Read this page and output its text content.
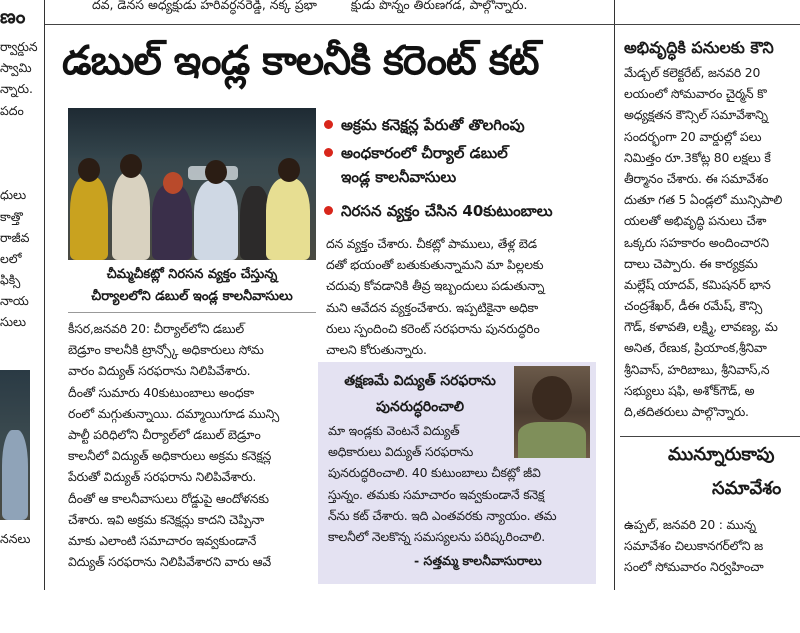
దవ, డెనస అధ్యక్షుడు హరివర్ధనరెడ్డి, నక్క ప్రభా	క్షుడు పొన్నం తిరుణగడ, పాల్గొన్నారు.
ణం
ర్వార్డున
స్వామి
న్నారు.
పదం
ధులు
కాత్తొ
రాజీవ
లలో
ఫిక్సి
నాయ
సులు
ననలు
డబుల్ ఇండ్ల కాలనీకి కరెంట్ కట్
చీమ్మచీకట్లో నిరసన వ్యక్తం చేస్తున్న
చీర్యాలలోని డబుల్ ఇండ్ల కాలనీవాసులు
అక్రమ కనెక్షన్ల పేరుతో తొలగింపు
అంధకారంలో చీర్యాల్ డబుల్
ఇండ్ల కాలనీవాసులు
నిరసన వ్యక్తం చేసిన 40కుటుంబాలు
దన వ్యక్తం చేశారు. చీకట్లో పాములు, తేళ్ల బెడ
దతో భయంతో బతుకుతున్నామని మా పిల్లలకు
చదువు కోవడానికి తీవ్ర ఇబ్బందులు పడుతున్నా
మని ఆవేదన వ్యక్తంచేశారు. ఇప్పటికైనా అధికా
రులు స్పందించి కరెంట్ సరఫరాను పునరుద్ధరిం
చాలని కోరుతున్నారు.
కీసర,జనవరి 20: చీర్యాల్‌లోని డబుల్
బెడ్రూం కాలనీకి ట్రాన్స్కో అధికారులు సోమ
వారం విద్యుత్ సరఫరాను నిలిపివేశారు.
దీంతో సుమారు 40కుటుంబాలు అంధకా
రంలో మగ్గుతున్నాయి. దమ్మాయిగూడ మున్సి
పాల్టీ పరిధిలోని చీర్యాల్‌లో డబుల్ బెడ్రూం
కాలనీలో విద్యుత్ అధికారులు అక్రమ కనెక్షన్ల
పేరుతో విద్యుత్ సరఫరాను నిలిపివేశారు.
దీంతో ఆ కాలనీవాసులు రోడ్డుపై ఆందోళనకు
చేశారు. ఇవి అక్రమ కనెక్షన్లు కాదని చెప్పినా
మాకు ఎలాంటి సమాచారం ఇవ్వకుండానే
విద్యుత్ సరఫరాను నిలిపివేశారని వారు ఆవే
తక్షణమే విద్యుత్ సరఫరాను
పునరుద్ధరించాలి
మా ఇండ్లకు వెంటనే విద్యుత్
అధికారులు విద్యుత్ సరఫరాను
పునరుద్ధరించాలి. 40 కుటుంబాలు చీకట్లో జీవి
స్తున్నం. తమకు సమాచారం ఇవ్వకుండానే కనెక్ష
న్‌ను కట్ చేశారు. ఇది ఎంతవరకు న్యాయం. తమ
కాలనీలో నెలకొన్న సమస్యలను పరిష్కరించాలి.
- సత్తమ్మ కాలనీవాసురాలు
అభివృద్ధికి పనులకు కౌని
మేడ్చల్ కలెక్టరేట్, జనవరి 20
లయంలో సోమవారం చైర్మన్ కొ
అధ్యక్షతన కౌన్సిల్ సమావేశాన్ని
సందర్భంగా 20 వార్డుల్లో పలు
నిమిత్తం రూ.3కోట్ల 80 లక్షలు కే
తీర్మానం చేశారు. ఈ సమావేశం
దుతూ గత 5 ఏండ్లలో మున్సిపాలి
యలతో అభివృద్ధి పనులు చేశా
ఒక్కరు సహకారం అందించారని
దాలు చెప్పారు. ఈ కార్యక్రమ
మల్లేష్ యాదవ్, కమిషనర్ భాన
చంద్రశేఖర్, డీఈ రమేష్, కౌన్సి
గౌడ్, కళావతి, లక్ష్మి, లావణ్య, మ
అనిత, రేణుక, ప్రియాంక,శ్రీనివా
శ్రీనివాస్, హరిబాబు, శ్రీనివాస్,న
సభ్యులు షఫి, అశోక్‌గౌడ్, అ
ది,తదితరులు పాల్గొన్నారు.
మున్నూరుకాపు
సమావేశం
ఉప్పల్, జనవరి 20 : మున్న
సమావేశం చిలుకానగర్‌లోని జ
సంలో సోమవారం నిర్వహించా
